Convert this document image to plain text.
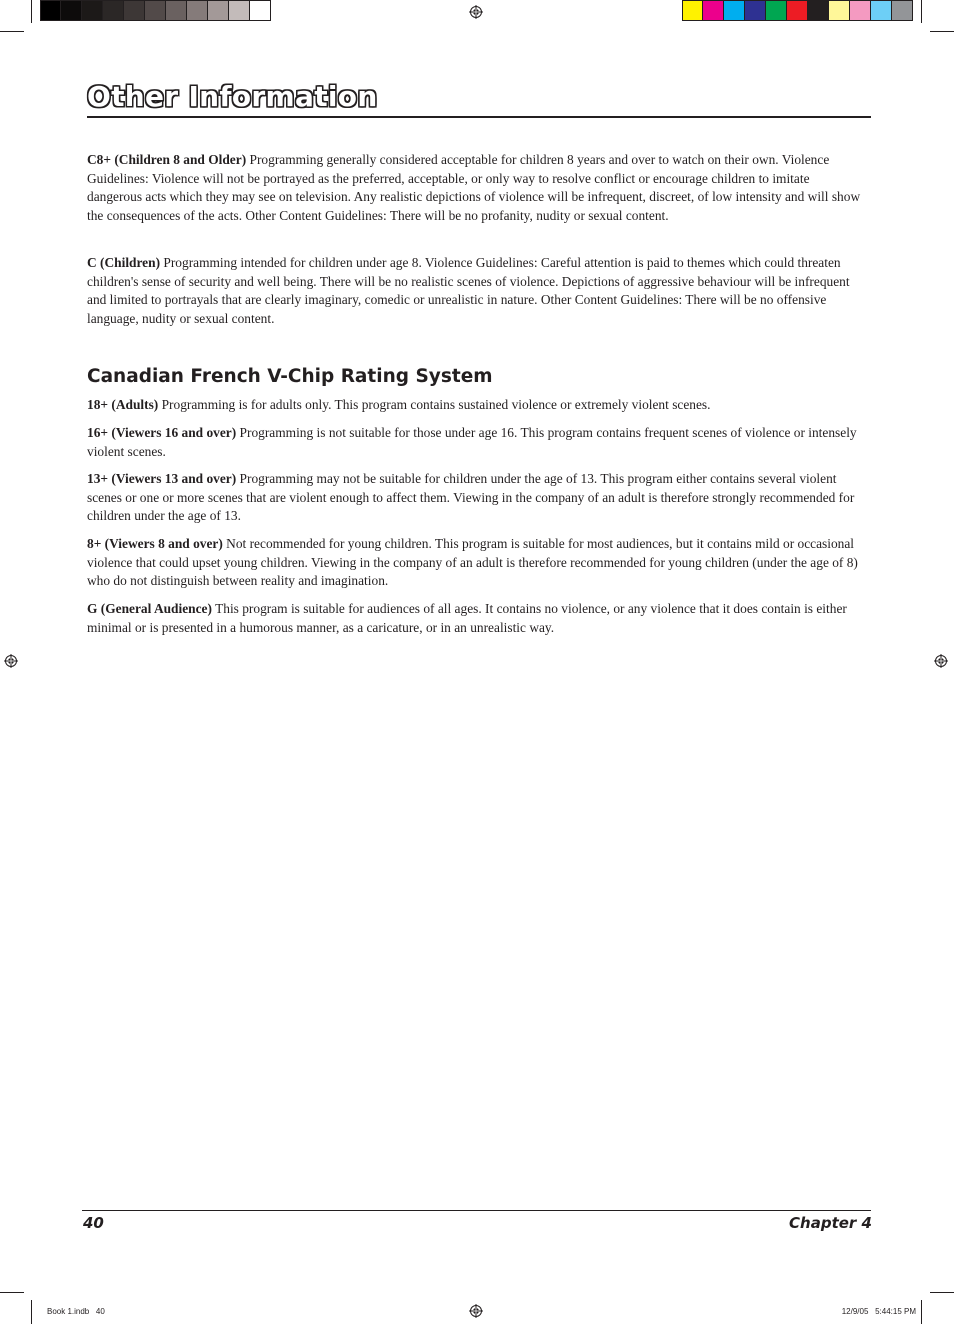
Other Information

C8+ (Children 8 and Older) Programming generally considered acceptable for children 8 years and over to watch on their own. Violence Guidelines: Violence will not be portrayed as the preferred, acceptable, or only way to resolve conflict or encourage children to imitate dangerous acts which they may see on television. Any realistic depictions of violence will be infrequent, discreet, of low intensity and will show the consequences of the acts. Other Content Guidelines: There will be no profanity, nudity or sexual content.

C (Children) Programming intended for children under age 8. Violence Guidelines: Careful attention is paid to themes which could threaten children's sense of security and well being. There will be no realistic scenes of violence. Depictions of aggressive behaviour will be infrequent and limited to portrayals that are clearly imaginary, comedic or unrealistic in nature. Other Content Guidelines: There will be no offensive language, nudity or sexual content.

Canadian French V-Chip Rating System

18+ (Adults) Programming is for adults only. This program contains sustained violence or extremely violent scenes.

16+ (Viewers 16 and over) Programming is not suitable for those under age 16. This program contains frequent scenes of violence or intensely violent scenes.

13+ (Viewers 13 and over) Programming may not be suitable for children under the age of 13. This program either contains several violent scenes or one or more scenes that are violent enough to affect them. Viewing in the company of an adult is therefore strongly recommended for children under the age of 13.

8+ (Viewers 8 and over) Not recommended for young children. This program is suitable for most audiences, but it contains mild or occasional violence that could upset young children. Viewing in the company of an adult is therefore recommended for young children (under the age of 8) who do not distinguish between reality and imagination.

G (General Audience) This program is suitable for audiences of all ages. It contains no violence, or any violence that it does contain is either minimal or is presented in a humorous manner, as a caricature, or in an unrealistic way.

40	Chapter 4
Book 1.indb   40	12/9/05   5:44:15 PM
